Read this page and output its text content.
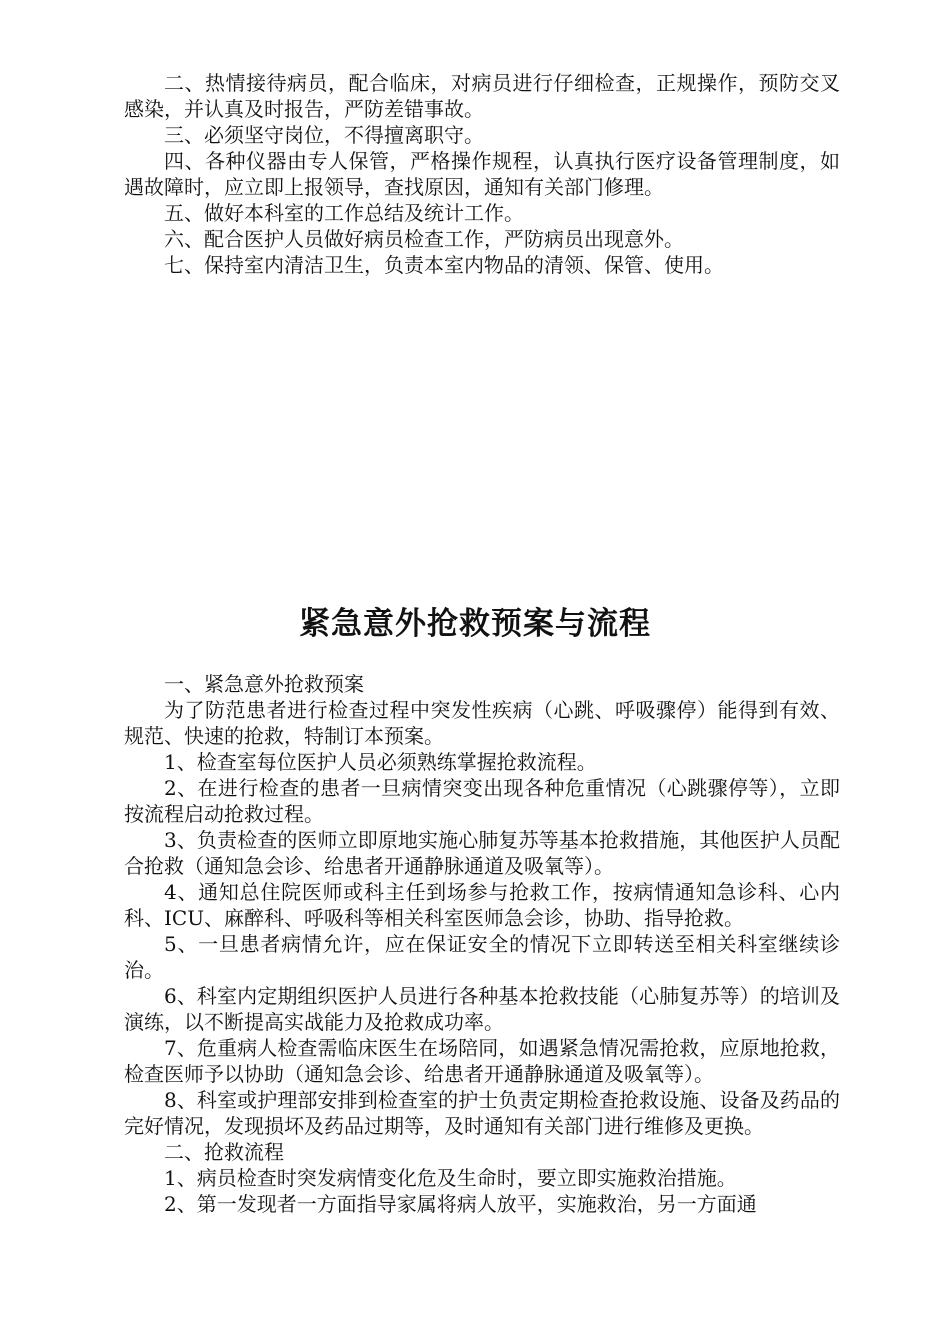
二、热情接待病员，配合临床，对病员进行仔细检查，正规操作，预防交叉感染，并认真及时报告，严防差错事故。

三、必须坚守岗位，不得擅离职守。

四、各种仪器由专人保管，严格操作规程，认真执行医疗设备管理制度，如遇故障时，应立即上报领导，查找原因，通知有关部门修理。

五、做好本科室的工作总结及统计工作。

六、配合医护人员做好病员检查工作，严防病员出现意外。

七、保持室内清洁卫生，负责本室内物品的清领、保管、使用。

紧急意外抢救预案与流程

一、紧急意外抢救预案

为了防范患者进行检查过程中突发性疾病（心跳、呼吸骤停）能得到有效、规范、快速的抢救，特制订本预案。

1、检查室每位医护人员必须熟练掌握抢救流程。

2、在进行检查的患者一旦病情突变出现各种危重情况（心跳骤停等），立即按流程启动抢救过程。

3、负责检查的医师立即原地实施心肺复苏等基本抢救措施，其他医护人员配合抢救（通知急会诊、给患者开通静脉通道及吸氧等）。

4、通知总住院医师或科主任到场参与抢救工作，按病情通知急诊科、心内科、ICU、麻醉科、呼吸科等相关科室医师急会诊，协助、指导抢救。

5、一旦患者病情允许，应在保证安全的情况下立即转送至相关科室继续诊治。

6、科室内定期组织医护人员进行各种基本抢救技能（心肺复苏等）的培训及演练，以不断提高实战能力及抢救成功率。

7、危重病人检查需临床医生在场陪同，如遇紧急情况需抢救，应原地抢救，检查医师予以协助（通知急会诊、给患者开通静脉通道及吸氧等）。

8、科室或护理部安排到检查室的护士负责定期检查抢救设施、设备及药品的完好情况，发现损坏及药品过期等，及时通知有关部门进行维修及更换。

二、抢救流程

1、病员检查时突发病情变化危及生命时，要立即实施救治措施。

2、第一发现者一方面指导家属将病人放平，实施救治，另一方面通
